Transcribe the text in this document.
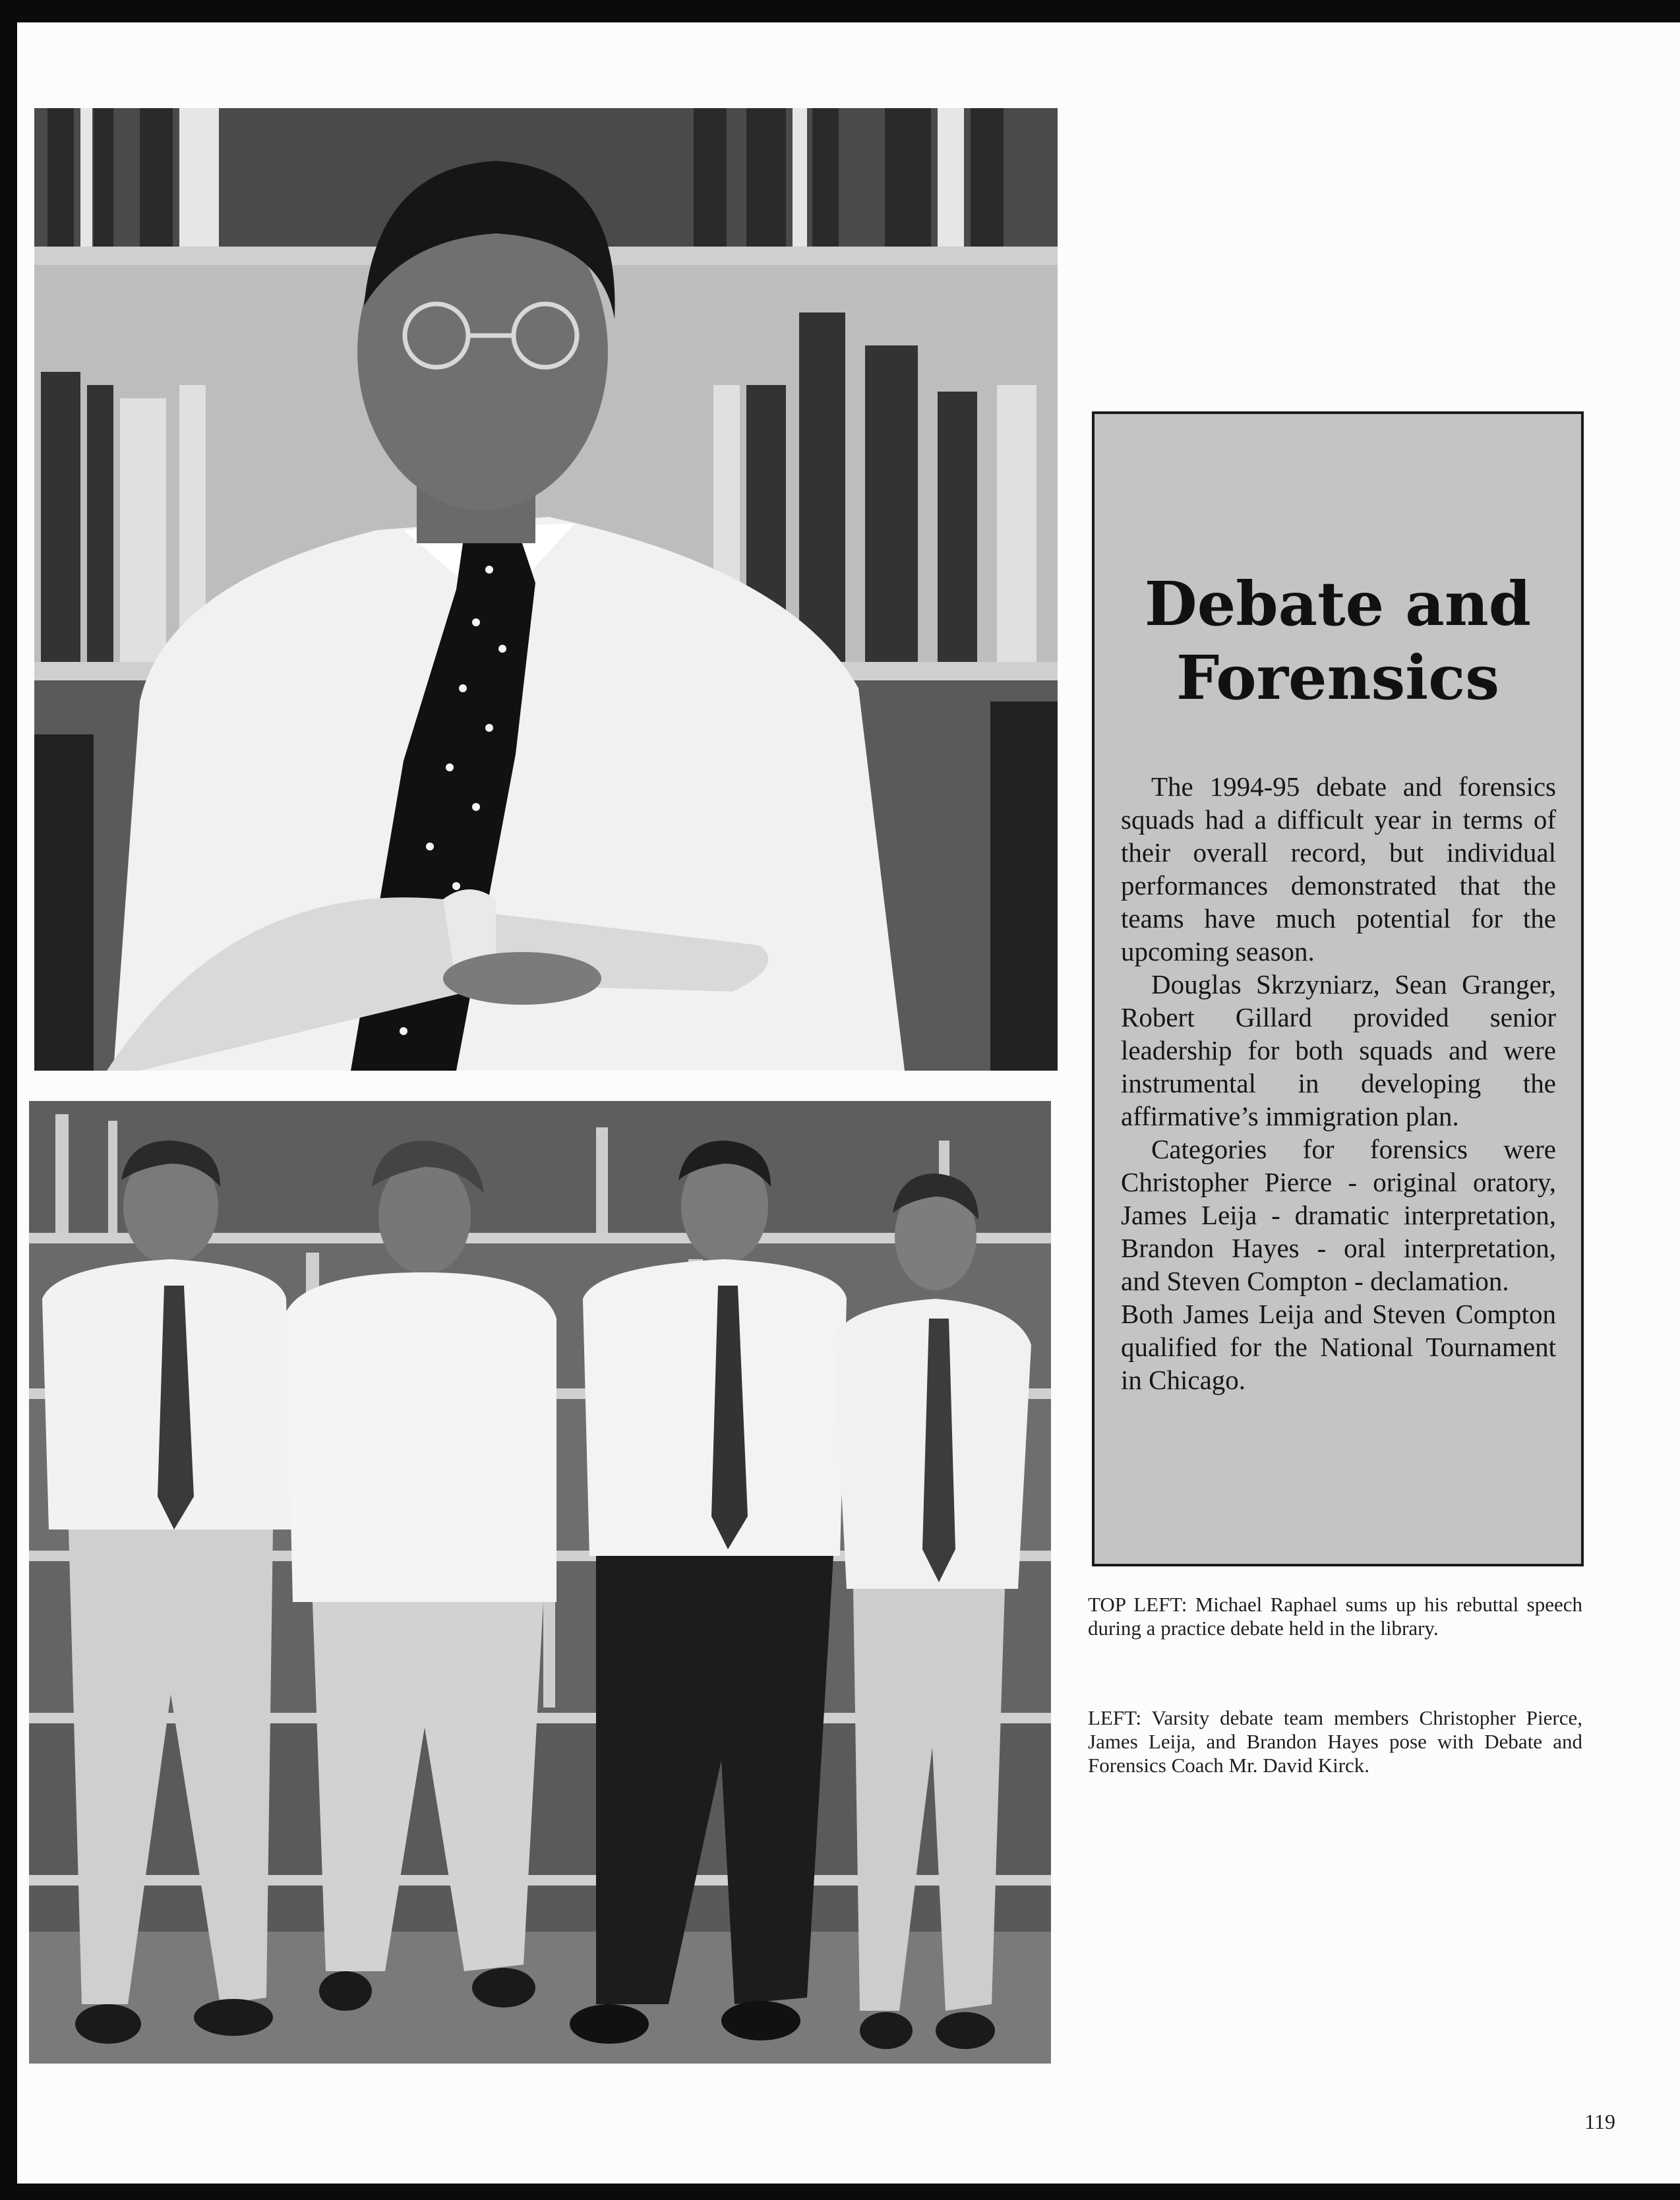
Debate and
Forensics

The 1994-95 debate and forensics squads had a difficult year in terms of their overall record, but individual performances demonstrated that the teams have much potential for the upcoming season.

Douglas Skrzyniarz, Sean Granger, Robert Gillard provided senior leadership for both squads and were instrumental in developing the affirmative’s immigration plan.

Categories for forensics were Christopher Pierce - original oratory, James Leija - dramatic interpretation, Brandon Hayes - oral interpretation, and Steven Compton - declamation.

Both James Leija and Steven Compton qualified for the National Tournament in Chicago.

TOP LEFT: Michael Raphael sums up his rebuttal speech during a practice debate held in the library.
LEFT: Varsity debate team members Christopher Pierce, James Leija, and Brandon Hayes pose with Debate and Forensics Coach Mr. David Kirck.
119
